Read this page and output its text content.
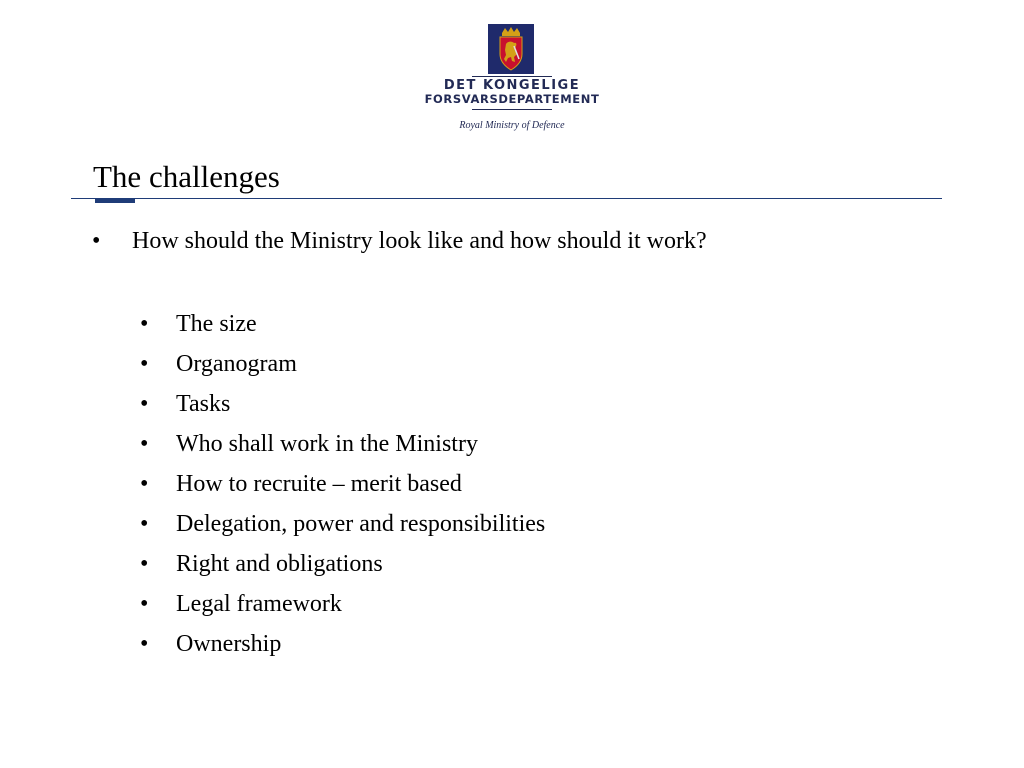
DET KONGELIGE
FORSVARSDEPARTEMENT
Royal Ministry of Defence
The challenges
• How should the Ministry look like and how should it work?
• The size
• Organogram
• Tasks
• Who shall work in the Ministry
• How to recruite – merit based
• Delegation, power and responsibilities
• Right and obligations
• Legal framework
• Ownership
